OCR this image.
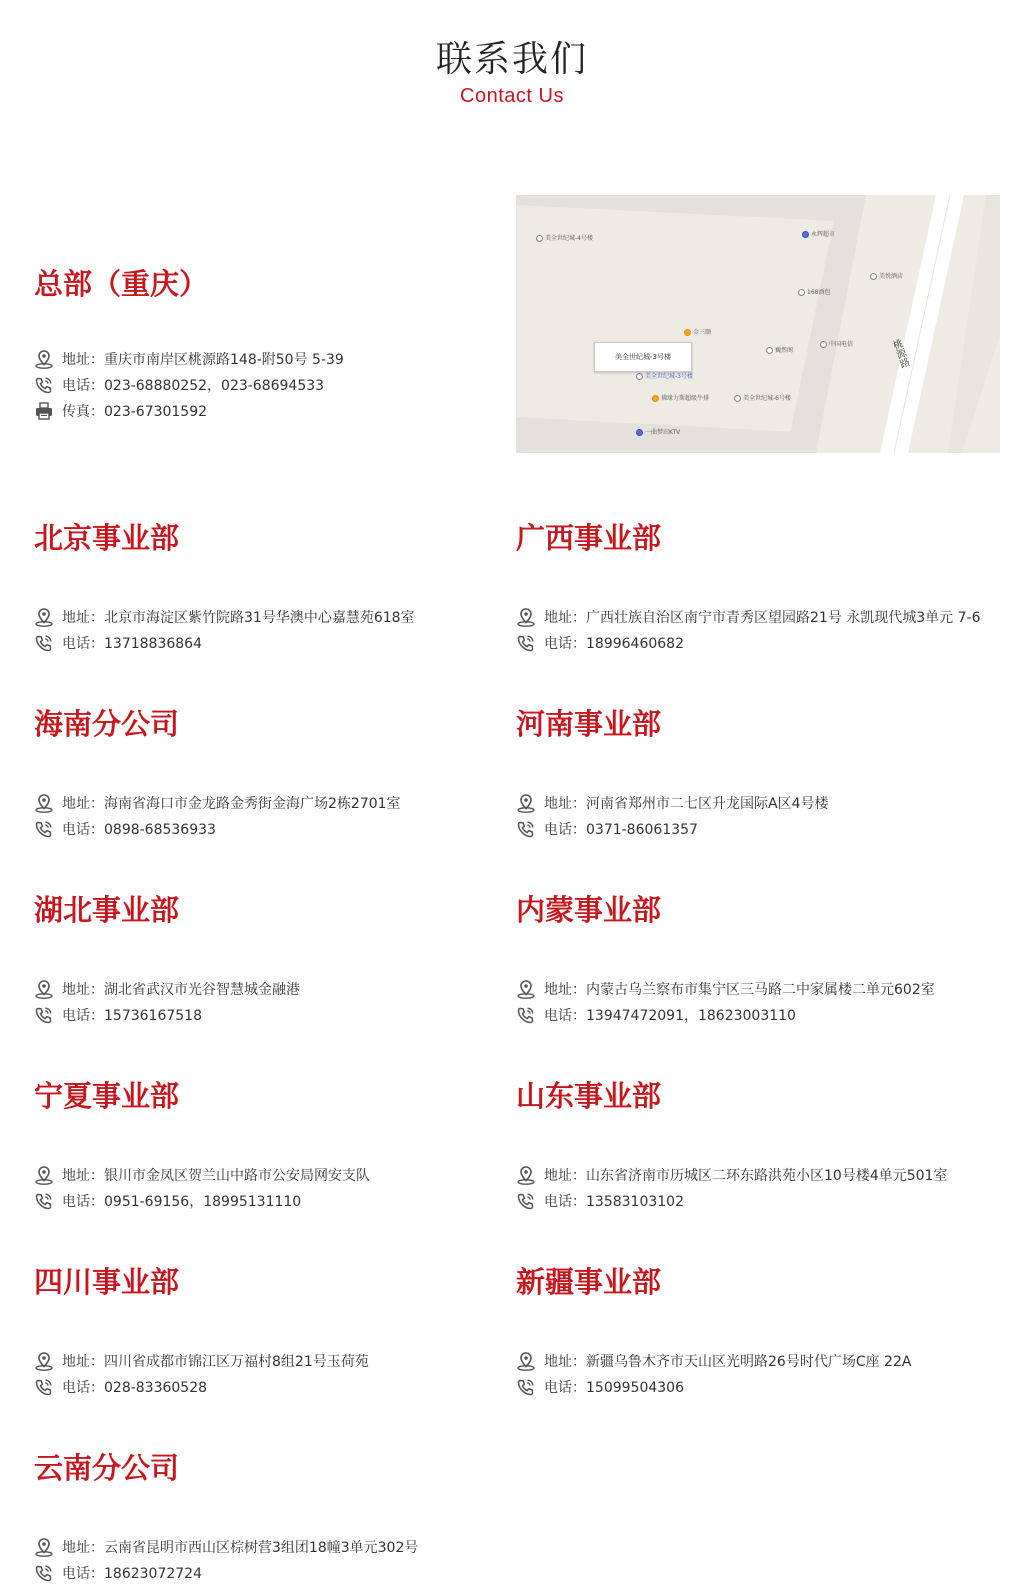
联系我们
Contact Us
总部（重庆）
地址：重庆市南岸区桃源路148-附50号 5-39
电话：023-68880252，023-68694533
传真：023-67301592
美全世纪城-4号楼
永辉超市
美悦酒店
168酒包
金三顺
巍然阁
中国电信
美全世纪城-3号楼
佛缘力斯超级牛排	美全世纪城-6号楼
一曲梦田KTV
美全世纪城-3号楼	桃源路
北京事业部
地址：北京市海淀区紫竹院路31号华澳中心嘉慧苑618室
电话：13718836864
海南分公司
地址：海南省海口市金龙路金秀街金海广场2栋2701室
电话：0898-68536933
湖北事业部
地址：湖北省武汉市光谷智慧城金融港
电话：15736167518
宁夏事业部
地址：银川市金凤区贺兰山中路市公安局网安支队
电话：0951-69156，18995131110
四川事业部
地址：四川省成都市锦江区万福村8组21号玉荷苑
电话：028-83360528
云南分公司
地址：云南省昆明市西山区棕树营3组团18幢3单元302号
电话：18623072724
广西事业部
地址：广西壮族自治区南宁市青秀区望园路21号 永凯现代城3单元 7-6
电话：18996460682
河南事业部
地址：河南省郑州市二七区升龙国际A区4号楼
电话：0371-86061357
内蒙事业部
地址：内蒙古乌兰察布市集宁区三马路二中家属楼二单元602室
电话：13947472091，18623003110
山东事业部
地址：山东省济南市历城区二环东路洪苑小区10号楼4单元501室
电话：13583103102
新疆事业部
地址：新疆乌鲁木齐市天山区光明路26号时代广场C座 22A
电话：15099504306
